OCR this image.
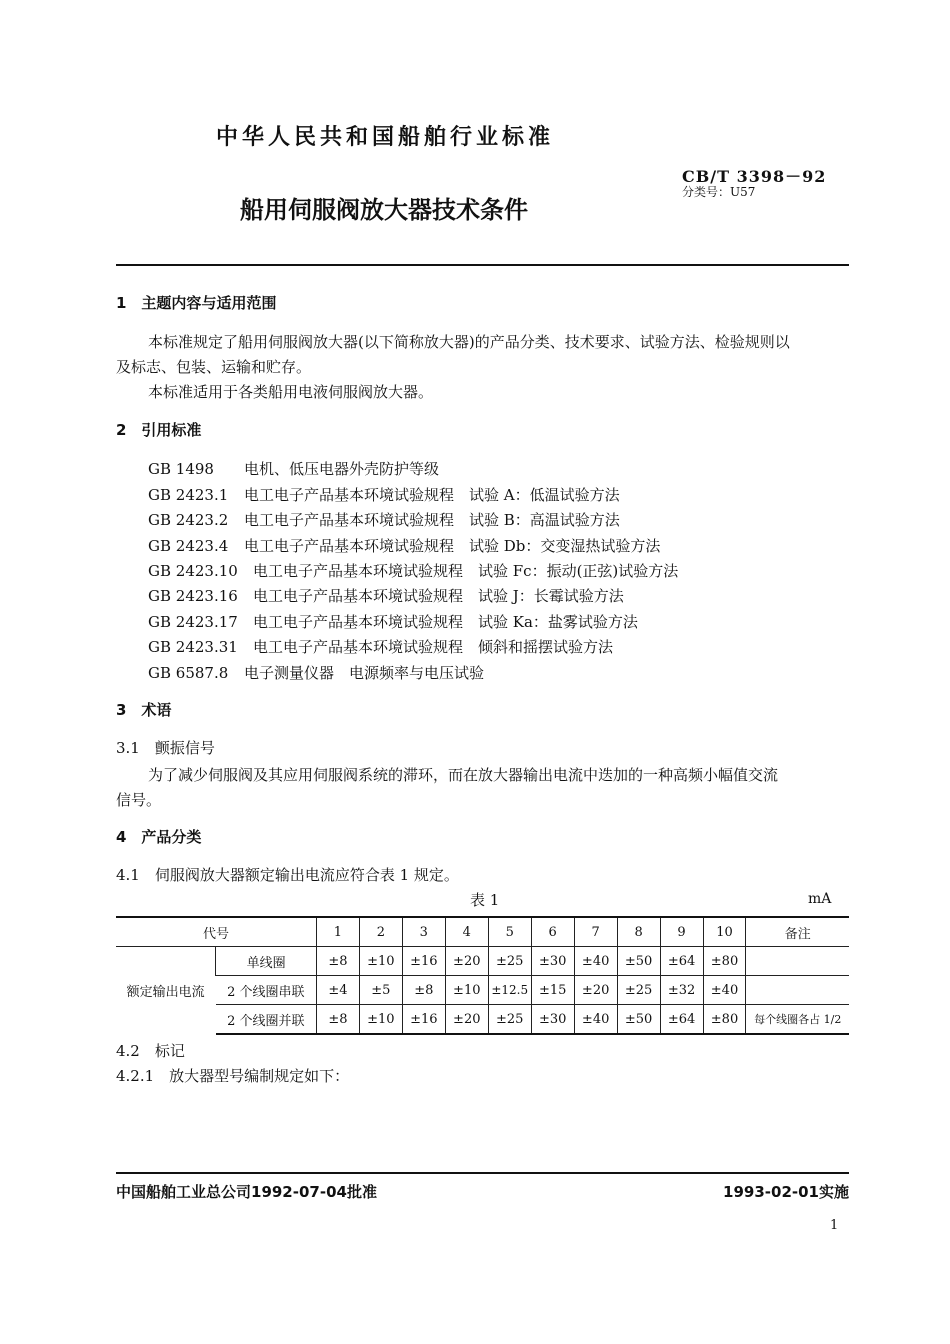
中华人民共和国船舶行业标准
CB/T 3398－92
分类号：U57
船用伺服阀放大器技术条件
1　主题内容与适用范围
本标准规定了船用伺服阀放大器(以下简称放大器)的产品分类、技术要求、试验方法、检验规则以
及标志、包装、运输和贮存。
本标准适用于各类船用电液伺服阀放大器。
2　引用标准
GB 1498 电机、低压电器外壳防护等级
GB 2423.1 电工电子产品基本环境试验规程　试验 A：低温试验方法
GB 2423.2 电工电子产品基本环境试验规程　试验 B：高温试验方法
GB 2423.4 电工电子产品基本环境试验规程　试验 Db：交变湿热试验方法
GB 2423.10 电工电子产品基本环境试验规程　试验 Fc：振动(正弦)试验方法
GB 2423.16 电工电子产品基本环境试验规程　试验 J：长霉试验方法
GB 2423.17 电工电子产品基本环境试验规程　试验 Ka：盐雾试验方法
GB 2423.31 电工电子产品基本环境试验规程　倾斜和摇摆试验方法
GB 6587.8 电子测量仪器　电源频率与电压试验
3　术语
3.1　颤振信号
为了减少伺服阀及其应用伺服阀系统的滞环，而在放大器输出电流中迭加的一种高频小幅值交流
信号。
4　产品分类
4.1　伺服阀放大器额定输出电流应符合表 1 规定。
表 1	mA
代号		1	2	3	4	5	6	7	8	9	10	备注
额定输出电流	单线圈	±8	±10	±16	±20	±25	±30	±40	±50	±64	±80	
	2 个线圈串联	±4	±5	±8	±10	±12.5	±15	±20	±25	±32	±40	
	2 个线圈并联	±8	±10	±16	±20	±25	±30	±40	±50	±64	±80	每个线圈各占 1/2
4.2　标记
4.2.1　放大器型号编制规定如下：
中国船舶工业总公司1992-07-04批准	1993-02-01实施
1
